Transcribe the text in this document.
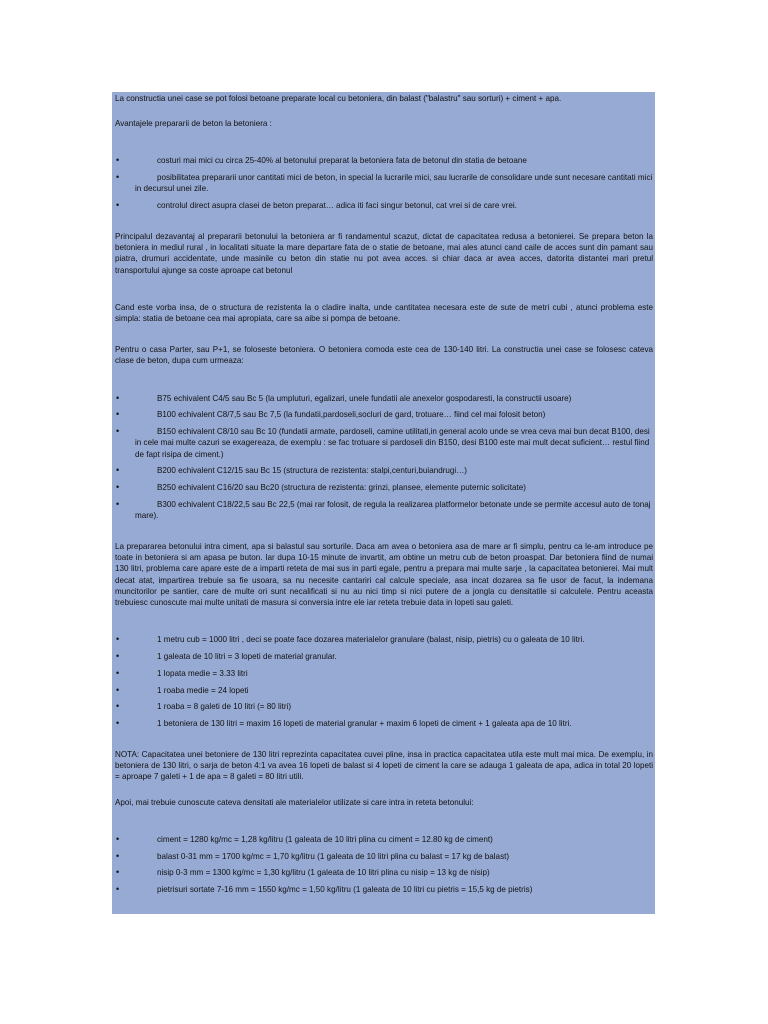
La constructia unei case se pot folosi betoane preparate local cu betoniera, din balast ("balastru" sau sorturi) + ciment + apa.

Avantajele prepararii de beton la betoniera :

•	costuri mai mici cu circa 25-40% al betonului preparat la betoniera fata de betonul din statia de betoane
•	posibilitatea prepararii unor cantitati mici de beton, in special la lucrarile mici, sau lucrarile de consolidare unde sunt necesare cantitati mici in decursul unei zile.
•	controlul direct asupra clasei de beton preparat… adica iti faci singur betonul, cat vrei si de care vrei.

Principalul dezavantaj al prepararii betonului la betoniera ar fi randamentul scazut, dictat de capacitatea redusa a betonierei. Se prepara beton la betoniera in mediul rural , in localitati situate la mare departare fata de o statie de betoane, mai ales atunci cand caile de acces sunt din pamant sau piatra, drumuri accidentate, unde masinile cu beton din statie nu pot avea acces. si chiar daca ar avea acces, datorita distantei mari pretul transportului ajunge sa coste aproape cat betonul

Cand este vorba insa, de o structura de rezistenta la o cladire inalta, unde cantitatea necesara este de sute de metri cubi , atunci problema este simpla: statia de betoane cea mai apropiata, care sa aibe si pompa de betoane.

Pentru o casa Parter, sau P+1, se foloseste betoniera. O betoniera comoda este cea de 130-140 litri. La constructia unei case se folosesc cateva clase de beton, dupa cum urmeaza:

•	B75 echivalent C4/5 sau Bc 5 (la umpluturi, egalizari, unele fundatii ale anexelor gospodaresti, la constructii usoare)
•	B100 echivalent C8/7,5 sau Bc 7,5 (la fundatii,pardoseli,socluri de gard, trotuare… fiind cel mai folosit beton)
•	B150 echivalent C8/10 sau Bc 10 (fundatii armate, pardoseli, camine utilitati,in general acolo unde se vrea ceva mai bun decat B100, desi in cele mai multe cazuri se exagereaza, de exemplu : se fac trotuare si pardoseli din B150, desi B100 este mai mult decat suficient… restul fiind de fapt risipa de ciment.)
•	B200 echivalent C12/15 sau Bc 15 (structura de rezistenta: stalpi,centuri,buiandrugi…)
•	B250 echivalent C16/20 sau Bc20 (structura de rezistenta: grinzi, planseе, elemente puternic solicitate)
•	B300 echivalent C18/22,5 sau Bc 22,5 (mai rar folosit, de regula la realizarea platformelor betonate unde se permite accesul auto de tonaj mare).

La prepararea betonului intra ciment, apa si balastul sau sorturile. Daca am avea o betoniera asa de mare ar fi simplu, pentru ca le-am introduce pe toate in betoniera si am apasa pe buton. Iar dupa 10-15 minute de invartit, am obtine un metru cub de beton proaspat. Dar betoniera fiind de numai 130 litri, problema care apare este de a imparti reteta de mai sus in parti egale, pentru a prepara mai multe sarje , la capacitatea betonierei. Mai mult decat atat, impartirea trebuie sa fie usoara, sa nu necesite cantariri cal calcule speciale, asa incat dozarea sa fie usor de facut, la indemana muncitorilor pe santier, care de multe ori sunt necalificati si nu au nici timp si nici putere de a jongla cu densitatile si calculele. Pentru aceasta trebuiesc cunoscute mai multe unitati de masura si conversia intre ele iar reteta trebuie data in lopeti sau galeti.

•	1 metru cub = 1000 litri , deci se poate face dozarea materialelor granulare (balast, nisip, pietris) cu o galeata de 10 litri.
•	1 galeata de 10 litri = 3 lopeti de material granular.
•	1 lopata medie = 3.33 litri
•	1 roaba medie = 24 lopeti
•	1 roaba = 8 galeti de 10 litri (= 80 litri)
•	1 betoniera de 130 litri = maxim 16 lopeti de material granular + maxim 6 lopeti de ciment + 1 galeata apa de 10 litri.

NOTA: Capacitatea unei betoniere de 130 litri reprezinta capacitatea cuvei pline, insa in practica capacitatea utila este mult mai mica. De exemplu, in betoniera de 130 litri, o sarja de beton 4:1 va avea 16 lopeti de balast si 4 lopeti de ciment la care se adauga 1 galeata de apa, adica in total 20 lopeti = aproape 7 galeti + 1 de apa = 8 galeti = 80 litri utili.

Apoi, mai trebuie cunoscute cateva densitati ale materialelor utilizate si care intra in reteta betonului:

•	ciment = 1280 kg/mc = 1,28 kg/litru (1 galeata de 10 litri plina cu ciment = 12.80 kg de ciment)
•	balast 0-31 mm = 1700 kg/mc = 1,70 kg/litru (1 galeata de 10 litri plina cu balast = 17 kg de balast)
•	nisip 0-3 mm = 1300 kg/mc = 1,30 kg/litru (1 galeata de 10 litri plina cu nisip = 13 kg de nisip)
•	pietrisuri sortate 7-16 mm = 1550 kg/mc = 1,50 kg/litru (1 galeata de 10 litri cu pietris = 15,5 kg de pietris)
